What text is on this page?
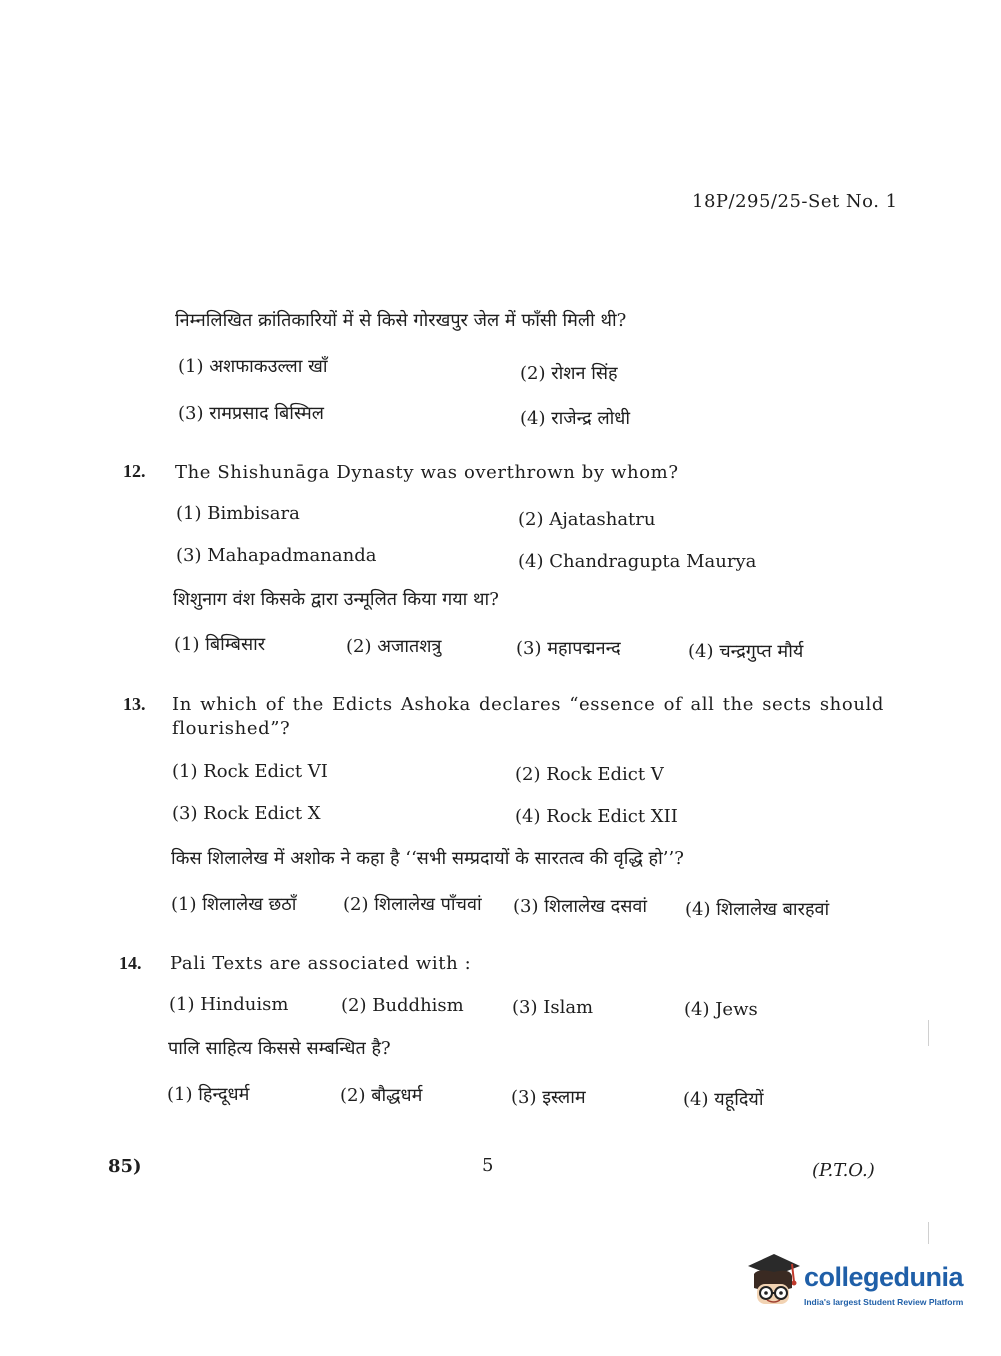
18P/295/25-Set No. 1
निम्नलिखित क्रांतिकारियों में से किसे गोरखपुर जेल में फाँसी मिली थी?
(1) अशफाकउल्ला खाँ	(2) रोशन सिंह
(3) रामप्रसाद बिस्मिल	(4) राजेन्द्र लोधी
12. The Shishunāga Dynasty was overthrown by whom?
(1) Bimbisara	(2) Ajatashatru
(3) Mahapadmananda	(4) Chandragupta Maurya
शिशुनाग वंश किसके द्वारा उन्मूलित किया गया था?
(1) बिम्बिसार	(2) अजातशत्रु	(3) महापद्मनन्द	(4) चन्द्रगुप्त मौर्य
13. In which of the Edicts Ashoka declares “essence of all the sects should flourished”?
(1) Rock Edict VI	(2) Rock Edict V
(3) Rock Edict X	(4) Rock Edict XII
किस शिलालेख में अशोक ने कहा है ‘‘सभी सम्प्रदायों के सारतत्व की वृद्धि हो’’?
(1) शिलालेख छठाँ	(2) शिलालेख पाँचवां (3) शिलालेख दसवां (4) शिलालेख बारहवां
14. Pali Texts are associated with :
(1) Hinduism	(2) Buddhism	(3) Islam	(4) Jews
पालि साहित्य किससे सम्बन्धित है?
(1) हिन्दूधर्म	(2) बौद्धधर्म	(3) इस्लाम	(4) यहूदियों
85)	5	(P.T.O.)
collegedunia
India's largest Student Review Platform
